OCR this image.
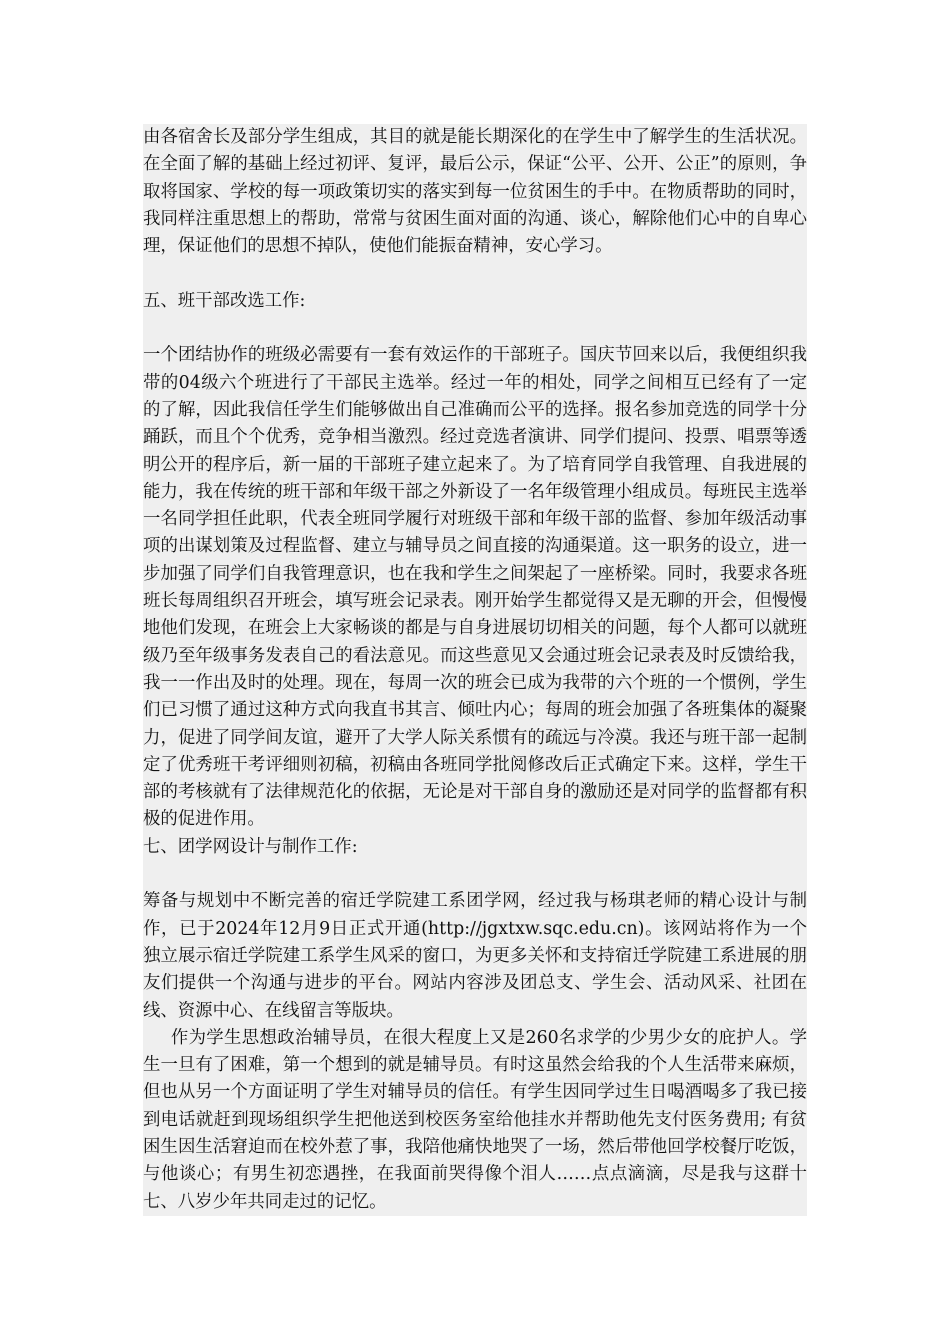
由各宿舍长及部分学生组成，其目的就是能长期深化的在学生中了解学生的生活状况。在全面了解的基础上经过初评、复评，最后公示，保证“公平、公开、公正”的原则，争取将国家、学校的每一项政策切实的落实到每一位贫困生的手中。在物质帮助的同时，我同样注重思想上的帮助，常常与贫困生面对面的沟通、谈心，解除他们心中的自卑心理，保证他们的思想不掉队，使他们能振奋精神，安心学习。

五、班干部改选工作:

一个团结协作的班级必需要有一套有效运作的干部班子。国庆节回来以后，我便组织我带的04级六个班进行了干部民主选举。经过一年的相处，同学之间相互已经有了一定的了解，因此我信任学生们能够做出自己准确而公平的选择。报名参加竞选的同学十分踊跃，而且个个优秀，竞争相当激烈。经过竞选者演讲、同学们提问、投票、唱票等透明公开的程序后，新一届的干部班子建立起来了。为了培育同学自我管理、自我进展的能力，我在传统的班干部和年级干部之外新设了一名年级管理小组成员。每班民主选举一名同学担任此职，代表全班同学履行对班级干部和年级干部的监督、参加年级活动事项的出谋划策及过程监督、建立与辅导员之间直接的沟通渠道。这一职务的设立，进一步加强了同学们自我管理意识，也在我和学生之间架起了一座桥梁。同时，我要求各班班长每周组织召开班会，填写班会记录表。刚开始学生都觉得又是无聊的开会，但慢慢地他们发现，在班会上大家畅谈的都是与自身进展切切相关的问题，每个人都可以就班级乃至年级事务发表自己的看法意见。而这些意见又会通过班会记录表及时反馈给我，我一一作出及时的处理。现在，每周一次的班会已成为我带的六个班的一个惯例，学生们已习惯了通过这种方式向我直书其言、倾吐内心；每周的班会加强了各班集体的凝聚力，促进了同学间友谊，避开了大学人际关系惯有的疏远与冷漠。我还与班干部一起制定了优秀班干考评细则初稿，初稿由各班同学批阅修改后正式确定下来。这样，学生干部的考核就有了法律规范化的依据，无论是对干部自身的激励还是对同学的监督都有积极的促进作用。

七、团学网设计与制作工作:

筹备与规划中不断完善的宿迁学院建工系团学网，经过我与杨琪老师的精心设计与制作，已于2024年12月9日正式开通(http://jgxtxw.sqc.edu.cn)。该网站将作为一个独立展示宿迁学院建工系学生风采的窗口，为更多关怀和支持宿迁学院建工系进展的朋友们提供一个沟通与进步的平台。网站内容涉及团总支、学生会、活动风采、社团在线、资源中心、在线留言等版块。

作为学生思想政治辅导员，在很大程度上又是260名求学的少男少女的庇护人。学生一旦有了困难，第一个想到的就是辅导员。有时这虽然会给我的个人生活带来麻烦，但也从另一个方面证明了学生对辅导员的信任。有学生因同学过生日喝酒喝多了我已接到电话就赶到现场组织学生把他送到校医务室给他挂水并帮助他先支付医务费用; 有贫困生因生活窘迫而在校外惹了事，我陪他痛快地哭了一场，然后带他回学校餐厅吃饭，与他谈心；有男生初恋遇挫，在我面前哭得像个泪人……点点滴滴，尽是我与这群十七、八岁少年共同走过的记忆。
